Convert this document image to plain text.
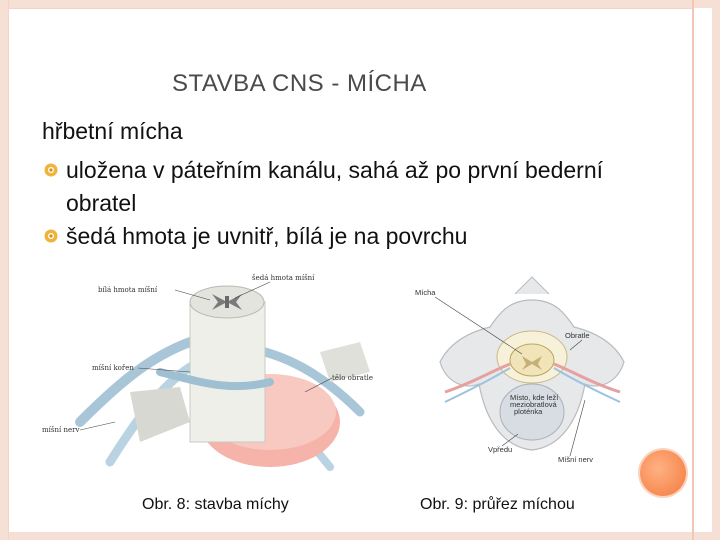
STAVBA CNS - MÍCHA
hřbetní mícha
uložena v páteřním kanálu, sahá až po první bederní obratel
šedá hmota je uvnitř, bílá je na povrchu
bílá hmota míšní
šedá hmota míšní
míšní kořen
tělo obratle
míšní nerv
Mícha
Obratle
Místo, kde leží meziobratlová ploténka
Vpředu
Míšní nerv
Obr. 8: stavba míchy	Obr. 9: průřez míchou
